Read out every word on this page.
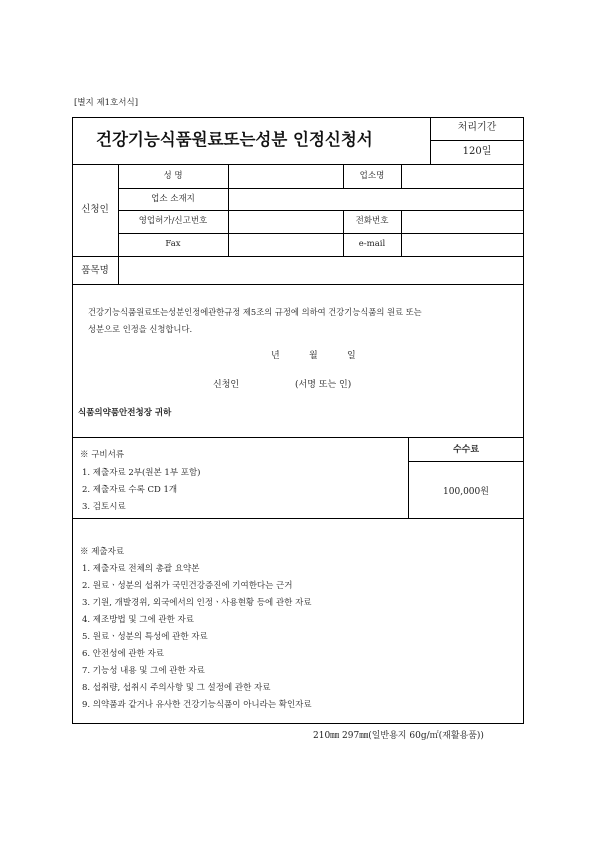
[별지 제1호서식]
건강기능식품원료또는성분 인정신청서
처리기간
120일
신청인
성 명	업소명
업소 소재지
영업허가/신고번호	전화번호
Fax	e-mail
품목명
건강기능식품원료또는성분인정에관한규정 제5조의 규정에 의하여 건강기능식품의 원료 또는
성분으로 인정을 신청합니다.
년	월	일
신청인	(서명 또는 인)
식품의약품안전청장 귀하
※ 구비서류
1. 제출자료 2부(원본 1부 포함)
2. 제출자료 수록 CD 1개
3. 검토시료
수수료
100,000원
※ 제출자료
1. 제출자료 전체의 총괄 요약본
2. 원료ㆍ성분의 섭취가 국민건강증진에 기여한다는 근거
3. 기원, 개발경위, 외국에서의 인정ㆍ사용현황 등에 관한 자료
4. 제조방법 및 그에 관한 자료
5. 원료ㆍ성분의 특성에 관한 자료
6. 안전성에 관한 자료
7. 기능성 내용 및 그에 관한 자료
8. 섭취량, 섭취시 주의사항 및 그 설정에 관한 자료
9. 의약품과 같거나 유사한 건강기능식품이 아니라는 확인자료
210㎜ 297㎜(일반용지 60g/㎡(재활용품))
